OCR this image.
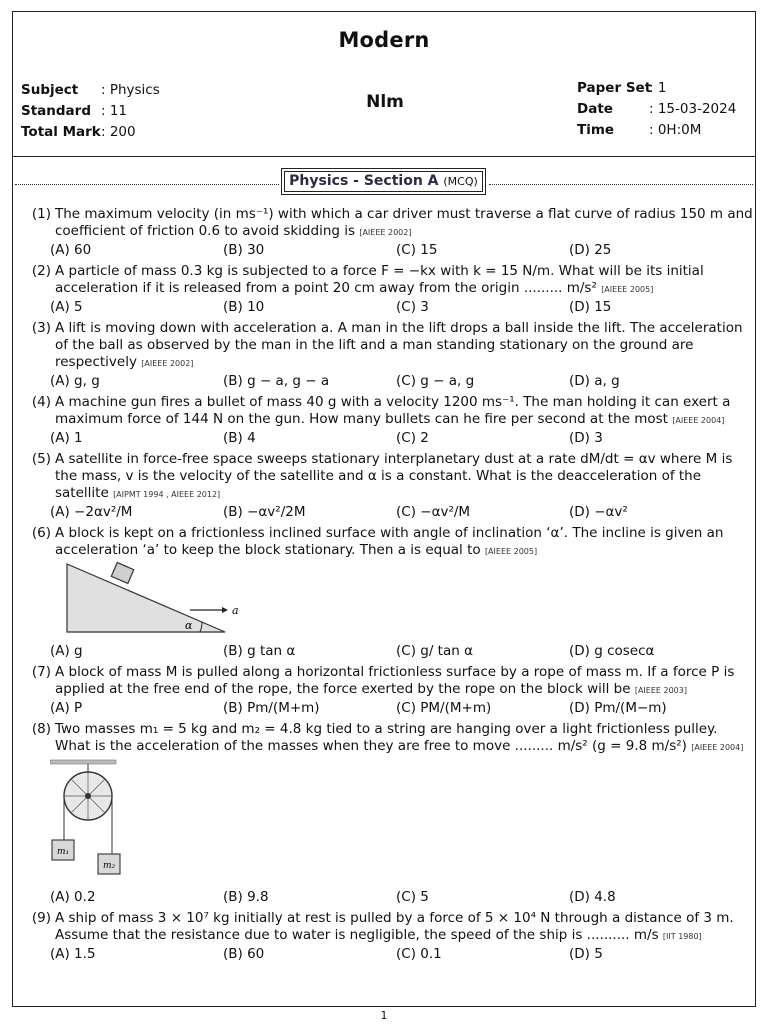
Modern
Subject : Physics
Standard : 11
Total Mark: 200
Nlm
Paper Set: 1
Date	: 15-03-2024
Time	: 0H:0M
Physics - Section A (MCQ)
(1) The maximum velocity (in ms⁻¹) with which a car driver must traverse a flat curve of radius 150 m and coefficient of friction 0.6 to avoid skidding is [AIEEE 2002]
(A) 60	(B) 30	(C) 15	(D) 25
(2) A particle of mass 0.3 kg is subjected to a force F = −kx with k = 15 N/m. What will be its initial acceleration if it is released from a point 20 cm away from the origin ......... m/s² [AIEEE 2005]
(A) 5	(B) 10	(C) 3	(D) 15
(3) A lift is moving down with acceleration a. A man in the lift drops a ball inside the lift. The acceleration of the ball as observed by the man in the lift and a man standing stationary on the ground are respectively [AIEEE 2002]
(A) g, g	(B) g − a, g − a	(C) g − a, g	(D) a, g
(4) A machine gun fires a bullet of mass 40 g with a velocity 1200 ms⁻¹. The man holding it can exert a maximum force of 144 N on the gun. How many bullets can he fire per second at the most [AIEEE 2004]
(A) 1	(B) 4	(C) 2	(D) 3
(5) A satellite in force-free space sweeps stationary interplanetary dust at a rate dM/dt = αv where M is the mass, v is the velocity of the satellite and α is a constant. What is the deacceleration of the satellite [AIPMT 1994 , AIEEE 2012]
(A) −2αv²/M	(B) −αv²/2M	(C) −αv²/M	(D) −αv²
(6) A block is kept on a frictionless inclined surface with angle of inclination ‘α’. The incline is given an acceleration ‘a’ to keep the block stationary. Then a is equal to [AIEEE 2005]
a
α
(A) g	(B) g tan α	(C) g/ tan α	(D) g cosecα
(7) A block of mass M is pulled along a horizontal frictionless surface by a rope of mass m. If a force P is applied at the free end of the rope, the force exerted by the rope on the block will be [AIEEE 2003]
(A) P	(B) Pm/(M+m)	(C) PM/(M+m)	(D) Pm/(M−m)
(8) Two masses m₁ = 5 kg and m₂ = 4.8 kg tied to a string are hanging over a light frictionless pulley. What is the acceleration of the masses when they are free to move ......... m/s² (g = 9.8 m/s²) [AIEEE 2004]
m₁
m₂
(A) 0.2	(B) 9.8	(C) 5	(D) 4.8
(9) A ship of mass 3 × 10⁷ kg initially at rest is pulled by a force of 5 × 10⁴ N through a distance of 3 m. Assume that the resistance due to water is negligible, the speed of the ship is .......... m/s [IIT 1980]
(A) 1.5	(B) 60	(C) 0.1	(D) 5
1
